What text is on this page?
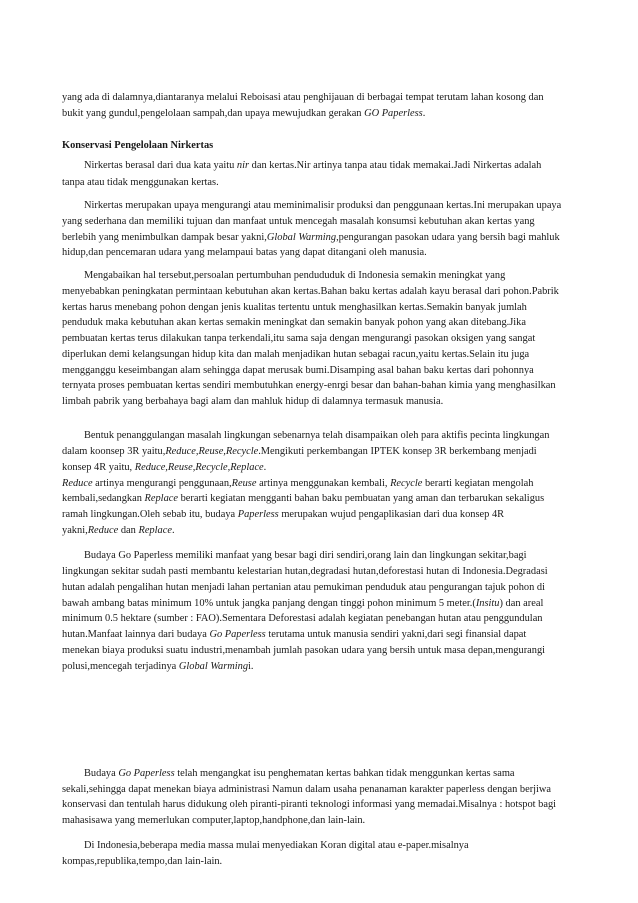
yang ada di dalamnya,diantaranya melalui Reboisasi atau penghijauan di berbagai tempat terutam lahan kosong dan
bukit yang gundul,pengelolaan sampah,dan upaya mewujudkan gerakan GO Paperless.
Konservasi Pengelolaan Nirkertas
Nirkertas berasal dari dua kata yaitu nir dan kertas.Nir artinya tanpa atau tidak memakai.Jadi Nirkertas adalah
tanpa atau tidak menggunakan kertas.
Nirkertas merupakan upaya mengurangi atau meminimalisir produksi dan penggunaan kertas.Ini merupakan upaya
yang sederhana dan memiliki tujuan dan manfaat untuk mencegah masalah konsumsi kebutuhan akan kertas yang
berlebih yang menimbulkan dampak besar yakni,Global Warming,pengurangan pasokan udara yang bersih bagi mahluk
hidup,dan pencemaran udara yang melampaui batas yang dapat ditangani oleh manusia.
Mengabaikan hal tersebut,persoalan pertumbuhan pendududuk di Indonesia semakin meningkat yang
menyebabkan peningkatan permintaan kebutuhan akan kertas.Bahan baku kertas adalah kayu berasal dari pohon.Pabrik
kertas harus menebang pohon dengan jenis kualitas tertentu untuk menghasilkan kertas.Semakin banyak jumlah
penduduk maka kebutuhan akan kertas semakin meningkat dan semakin banyak pohon yang akan ditebang.Jika
pembuatan kertas terus dilakukan tanpa terkendali,itu sama saja dengan mengurangi pasokan oksigen yang sangat
diperlukan demi kelangsungan hidup kita dan malah menjadikan hutan sebagai racun,yaitu kertas.Selain itu juga
mengganggu keseimbangan alam sehingga dapat merusak bumi.Disamping asal bahan baku kertas dari pohonnya
ternyata proses pembuatan kertas sendiri membutuhkan energy-enrgi besar dan bahan-bahan kimia yang menghasilkan
limbah pabrik yang berbahaya bagi alam dan mahluk hidup di dalamnya termasuk manusia.
Bentuk penanggulangan masalah lingkungan sebenarnya telah disampaikan oleh para aktifis pecinta lingkungan
dalam koonsep 3R yaitu,Reduce,Reuse,Recycle.Mengikuti perkembangan IPTEK konsep 3R berkembang menjadi
konsep 4R yaitu, Reduce,Reuse,Recycle,Replace.
Reduce artinya mengurangi penggunaan,Reuse artinya menggunakan kembali, Recycle berarti kegiatan mengolah
kembali,sedangkan Replace berarti kegiatan mengganti bahan baku pembuatan yang aman dan terbarukan sekaligus
ramah lingkungan.Oleh sebab itu, budaya Paperless merupakan wujud pengaplikasian dari dua konsep 4R
yakni,Reduce dan Replace.
Budaya Go Paperless memiliki manfaat yang besar bagi diri sendiri,orang lain dan lingkungan sekitar,bagi
lingkungan sekitar sudah pasti membantu kelestarian hutan,degradasi hutan,deforestasi hutan di Indonesia.Degradasi
hutan adalah pengalihan hutan menjadi lahan pertanian atau pemukiman penduduk atau pengurangan tajuk pohon di
bawah ambang batas minimum 10% untuk jangka panjang dengan tinggi pohon minimum 5 meter.(Insitu) dan areal
minimum 0.5 hektare (sumber : FAO).Sementara Deforestasi adalah kegiatan penebangan hutan atau penggundulan
hutan.Manfaat lainnya dari budaya Go Paperless terutama untuk manusia sendiri yakni,dari segi finansial dapat
menekan biaya produksi suatu industri,menambah jumlah pasokan udara yang bersih untuk masa depan,mengurangi
polusi,mencegah terjadinya Global Warmingi.
Budaya Go Paperless telah mengangkat isu penghematan kertas bahkan tidak menggunkan kertas sama
sekali,sehingga dapat menekan biaya administrasi Namun dalam usaha penanaman karakter paperless dengan berjiwa
konservasi dan tentulah harus didukung oleh piranti-piranti teknologi informasi yang memadai.Misalnya : hotspot bagi
mahasisawa yang memerlukan computer,laptop,handphone,dan lain-lain.
Di Indonesia,beberapa media massa mulai menyediakan Koran digital atau e-paper.misalnya
kompas,republika,tempo,dan lain-lain.
